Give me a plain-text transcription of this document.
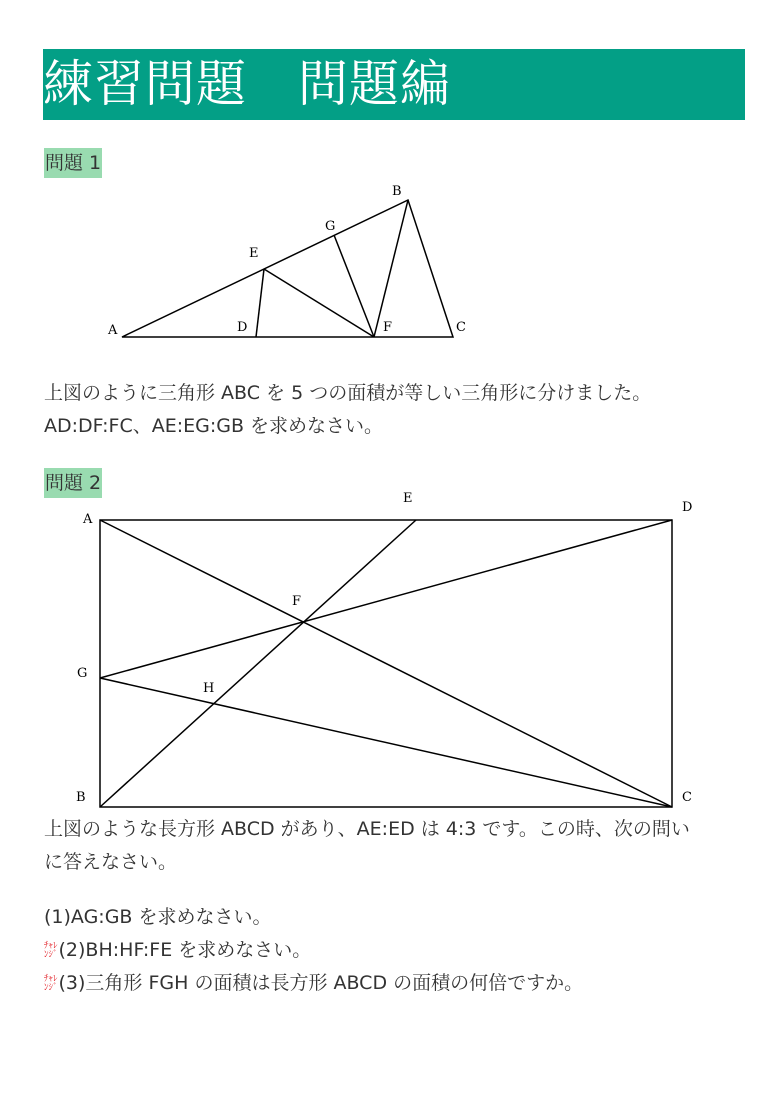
練習問題　問題編
問題 1
A
B
C
D
E
F
G

上図のように三角形 ABC を 5 つの面積が等しい三角形に分けました。

AD:DF:FC、AE:EG:GB を求めなさい。

問題 2
A
B	C
D
E
F
G
H

上図のような長方形 ABCD があり、AE:ED は 4:3 です。この時、次の問い

に答えなさい。

(1)AG:GB を求めなさい。

ﾁｬﾚ
ﾝｼﾞ (2)BH:HF:FE を求めなさい。

ﾁｬﾚ
ﾝｼﾞ (3)三角形 FGH の面積は長方形 ABCD の面積の何倍ですか。
